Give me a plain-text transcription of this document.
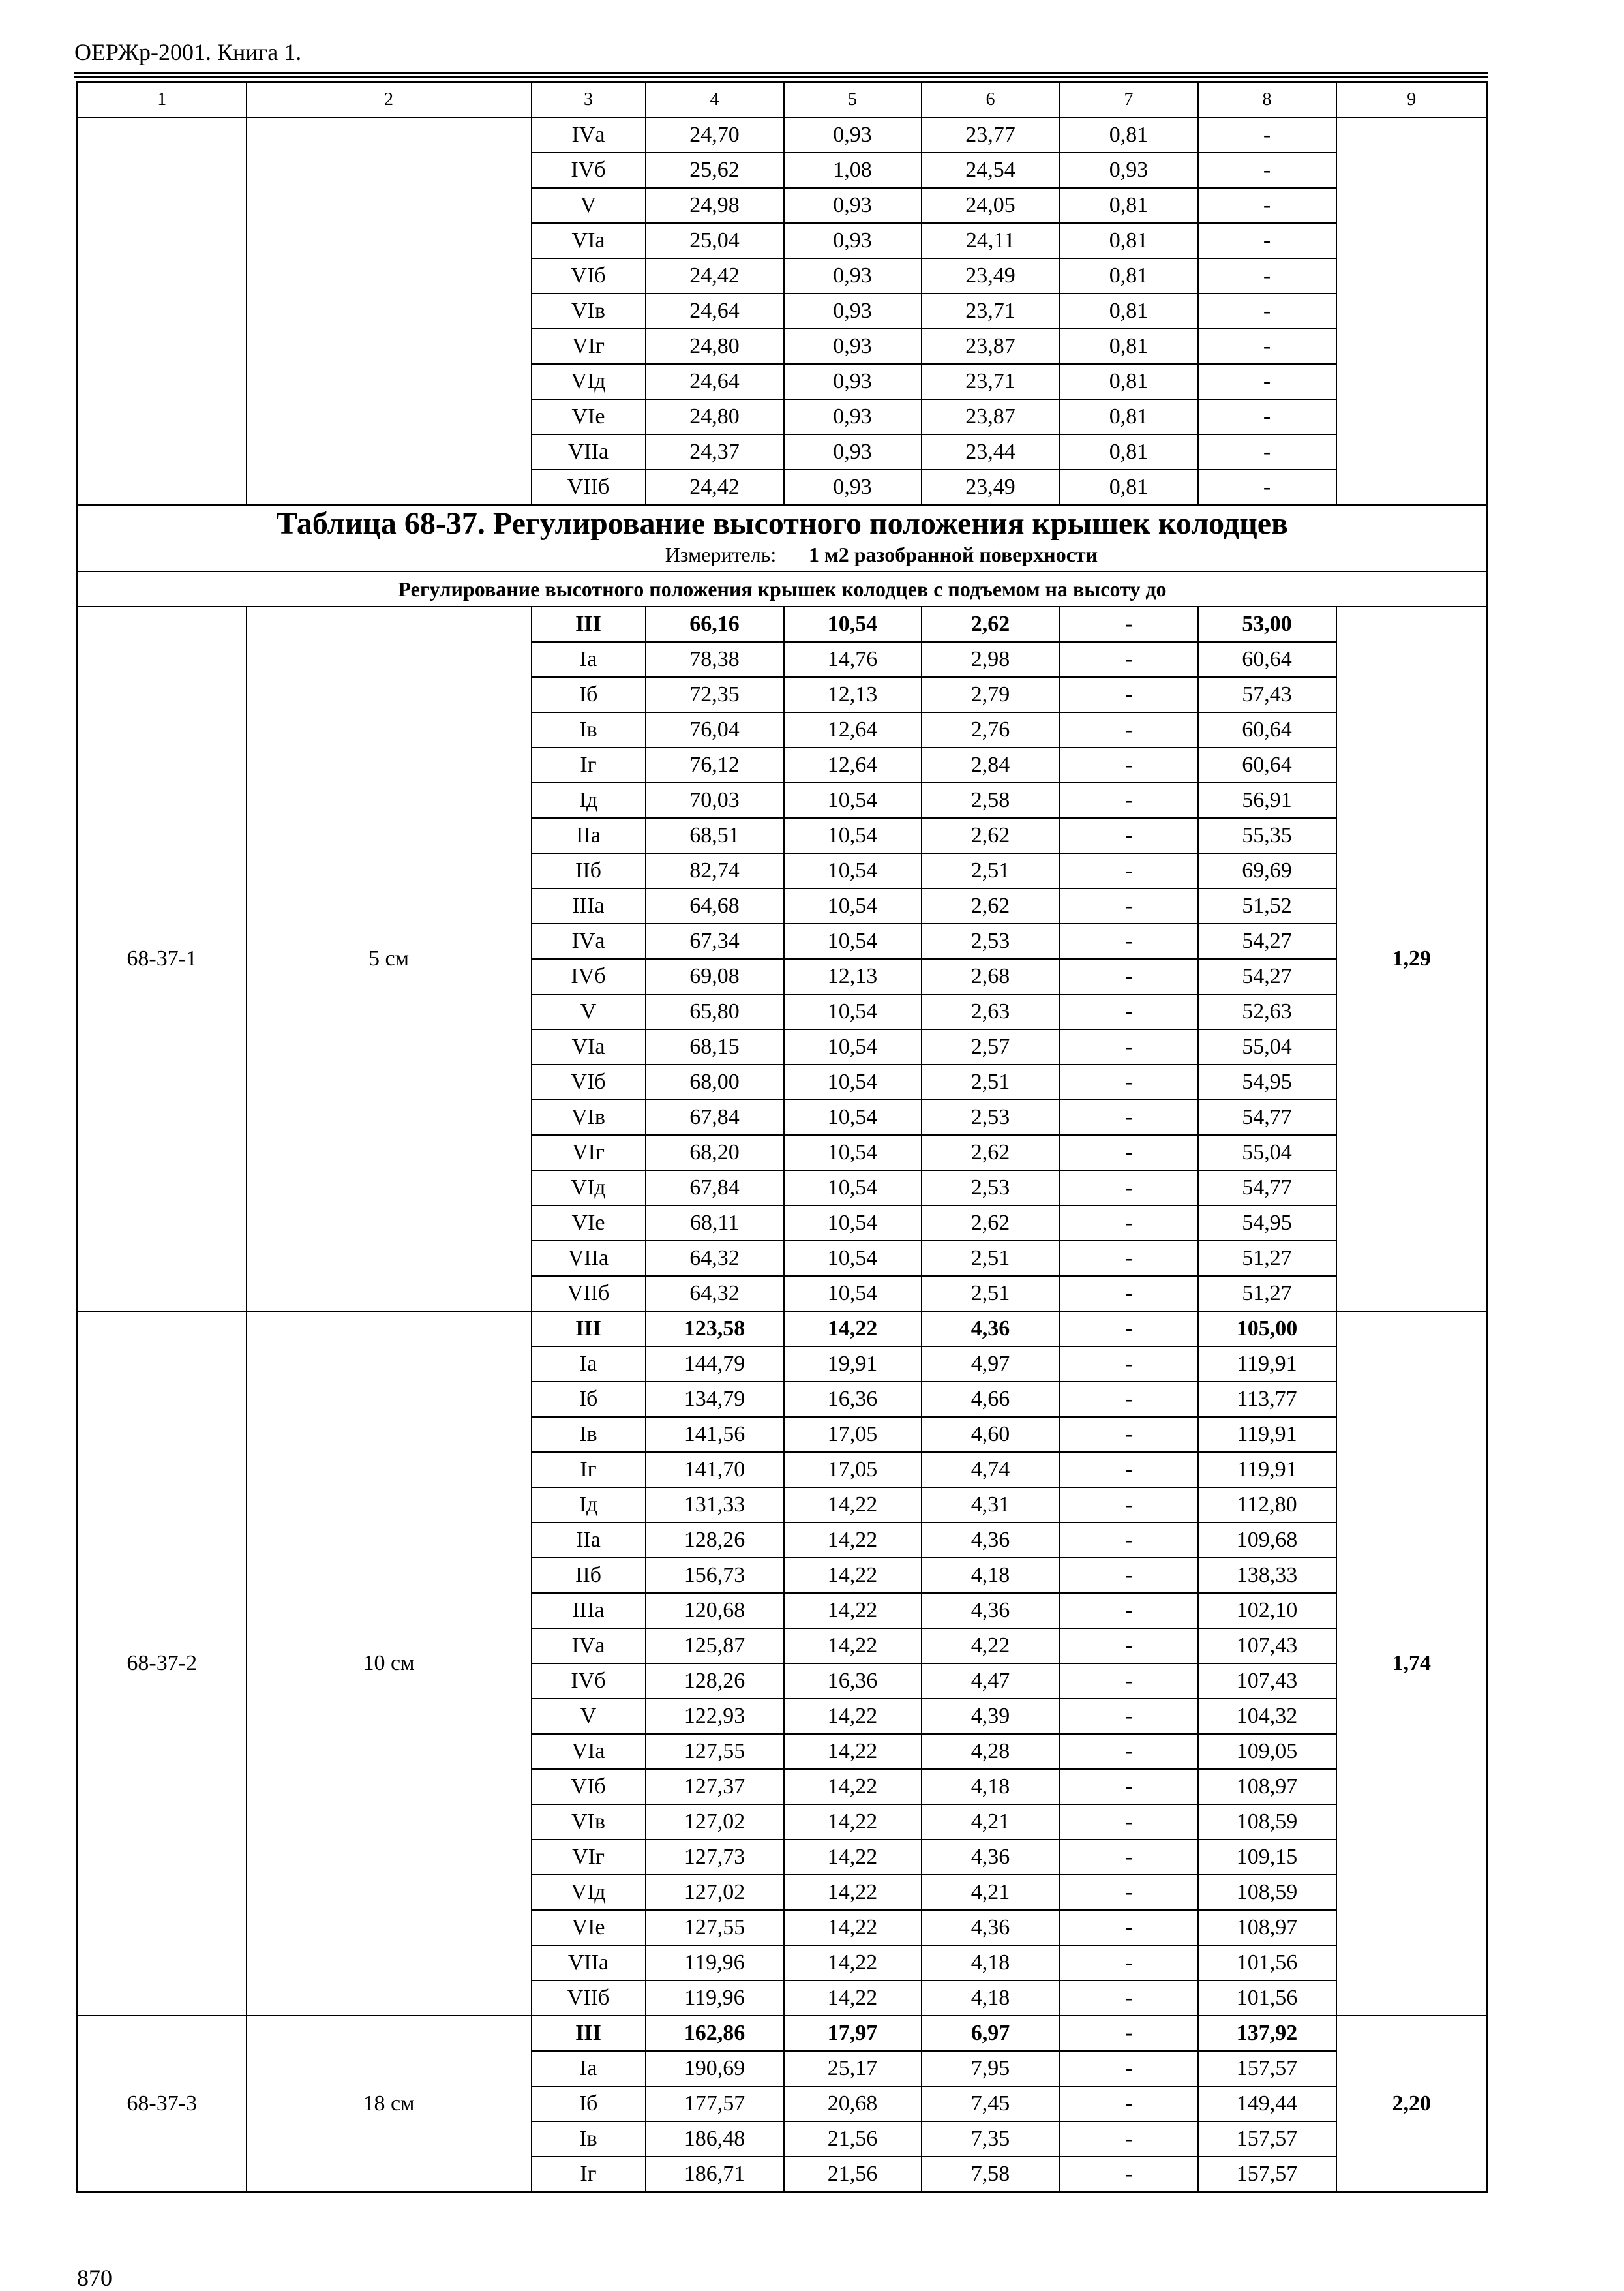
ОЕРЖр-2001. Книга 1.
1	2	3	4	5	6	7	8	9
		IVа	24,70	0,93	23,77	0,81	-	
		IVб	25,62	1,08	24,54	0,93	-	
		V	24,98	0,93	24,05	0,81	-	
		VIа	25,04	0,93	24,11	0,81	-	
		VIб	24,42	0,93	23,49	0,81	-	
		VIв	24,64	0,93	23,71	0,81	-	
		VIг	24,80	0,93	23,87	0,81	-	
		VIд	24,64	0,93	23,71	0,81	-	
		VIе	24,80	0,93	23,87	0,81	-	
		VIIа	24,37	0,93	23,44	0,81	-	
		VIIб	24,42	0,93	23,49	0,81	-	

Таблица 68-37. Регулирование высотного положения крышек колодцев
Измеритель: 1 м2 разобранной поверхности								

Регулирование высотного положения крышек колодцев с подъемом на высоту до								
68-37-1	5 см	III	66,16	10,54	2,62	-	53,00	1,29
		Iа	78,38	14,76	2,98	-	60,64	
		Iб	72,35	12,13	2,79	-	57,43	
		Iв	76,04	12,64	2,76	-	60,64	
		Iг	76,12	12,64	2,84	-	60,64	
		Iд	70,03	10,54	2,58	-	56,91	
		IIа	68,51	10,54	2,62	-	55,35	
		IIб	82,74	10,54	2,51	-	69,69	
		IIIа	64,68	10,54	2,62	-	51,52	
		IVа	67,34	10,54	2,53	-	54,27	
		IVб	69,08	12,13	2,68	-	54,27	
		V	65,80	10,54	2,63	-	52,63	
		VIа	68,15	10,54	2,57	-	55,04	
		VIб	68,00	10,54	2,51	-	54,95	
		VIв	67,84	10,54	2,53	-	54,77	
		VIг	68,20	10,54	2,62	-	55,04	
		VIд	67,84	10,54	2,53	-	54,77	
		VIе	68,11	10,54	2,62	-	54,95	
		VIIа	64,32	10,54	2,51	-	51,27	
		VIIб	64,32	10,54	2,51	-	51,27	
68-37-2	10 см	III	123,58	14,22	4,36	-	105,00	1,74
		Iа	144,79	19,91	4,97	-	119,91	
		Iб	134,79	16,36	4,66	-	113,77	
		Iв	141,56	17,05	4,60	-	119,91	
		Iг	141,70	17,05	4,74	-	119,91	
		Iд	131,33	14,22	4,31	-	112,80	
		IIа	128,26	14,22	4,36	-	109,68	
		IIб	156,73	14,22	4,18	-	138,33	
		IIIа	120,68	14,22	4,36	-	102,10	
		IVа	125,87	14,22	4,22	-	107,43	
		IVб	128,26	16,36	4,47	-	107,43	
		V	122,93	14,22	4,39	-	104,32	
		VIа	127,55	14,22	4,28	-	109,05	
		VIб	127,37	14,22	4,18	-	108,97	
		VIв	127,02	14,22	4,21	-	108,59	
		VIг	127,73	14,22	4,36	-	109,15	
		VIд	127,02	14,22	4,21	-	108,59	
		VIе	127,55	14,22	4,36	-	108,97	
		VIIа	119,96	14,22	4,18	-	101,56	
		VIIб	119,96	14,22	4,18	-	101,56	
68-37-3	18 см	III	162,86	17,97	6,97	-	137,92	2,20
		Iа	190,69	25,17	7,95	-	157,57	
		Iб	177,57	20,68	7,45	-	149,44	
		Iв	186,48	21,56	7,35	-	157,57	
		Iг	186,71	21,56	7,58	-	157,57	
870
